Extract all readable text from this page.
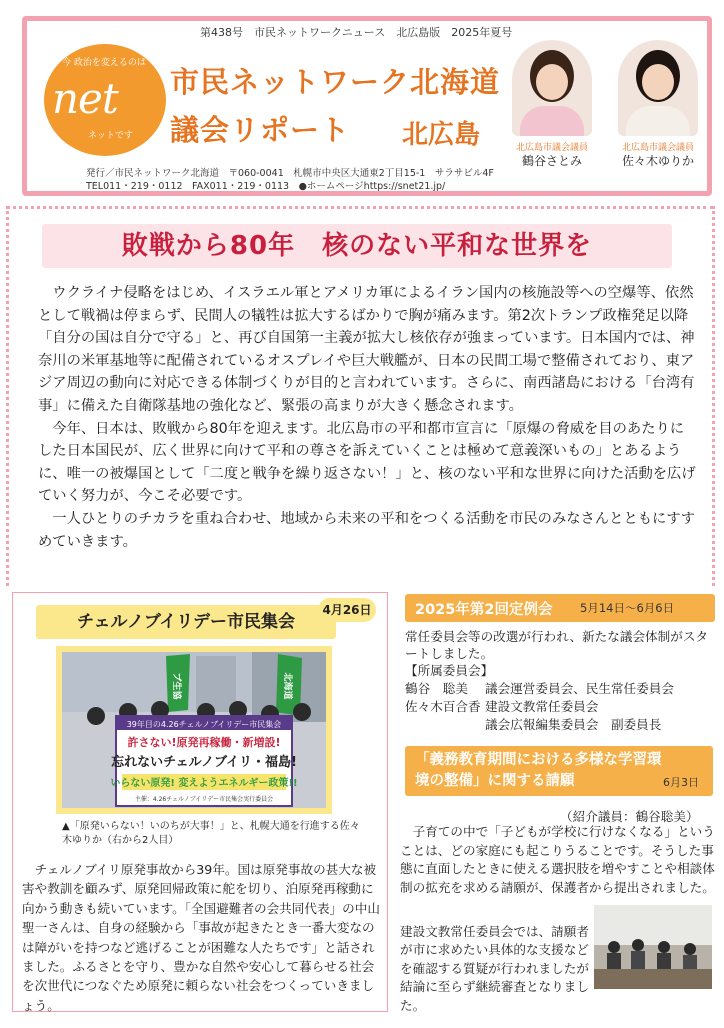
第438号　市民ネットワークニュース　北広島版　2025年夏号
今 政治を変えるのは
net
ネットです
市民ネットワーク北海道
議会リポート 北広島	北広島市議会議員
鶴谷さとみ
北広島市議会議員
佐々木ゆりか
発行／市民ネットワーク北海道　〒060-0041　札幌市中央区大通東2丁目15-1　サラサビル4F
TEL011・219・0112　FAX011・219・0113　●ホームページhttps://snet21.jp/
敗戦から80年　核のない平和な世界を

ウクライナ侵略をはじめ、イスラエル軍とアメリカ軍によるイラン国内の核施設等への空爆等、依然として戦禍は停まらず、民間人の犠牲は拡大するばかりで胸が痛みます。第2次トランプ政権発足以降「自分の国は自分で守る」と、再び自国第一主義が拡大し核依存が強まっています。日本国内では、神奈川の米軍基地等に配備されているオスプレイや巨大戦艦が、日本の民間工場で整備されており、東アジア周辺の動向に対応できる体制づくりが目的と言われています。さらに、南西諸島における「台湾有事」に備えた自衛隊基地の強化など、緊張の高まりが大きく懸念されます。

今年、日本は、敗戦から80年を迎えます。北広島市の平和都市宣言に「原爆の脅威を目のあたりにした日本国民が、広く世界に向けて平和の尊さを訴えていくことは極めて意義深いもの」とあるように、唯一の被爆国として「二度と戦争を繰り返さない！」と、核のない平和な世界に向けた活動を広げていく努力が、今こそ必要です。

一人ひとりのチカラを重ね合わせ、地域から未来の平和をつくる活動を市民のみなさんとともにすすめていきます。

チェルノブイリデー市民集会
4月26日
39年目の4.26チェルノブイリデー市民集会
許さない!原発再稼働・新増設!
忘れないチェルノブイリ・福島!
いらない原発! 変えようエネルギー政策!!
主催：4.26チェルノブイリデー市民集会実行委員会
ブ生協	北海道
▲「原発いらない！いのちが大事！」と、札幌大通を行進する佐々木ゆりか（右から2人目）

チェルノブイリ原発事故から39年。国は原発事故の甚大な被害や教訓を顧みず、原発回帰政策に舵を切り、泊原発再稼動に向かう動きも続いています。「全国避難者の会共同代表」の中山聖一さんは、自身の経験から「事故が起きたとき一番大変なのは障がいを持つなど逃げることが困難な人たちです」と話されました。ふるさとを守り、豊かな自然や安心して暮らせる社会を次世代につなぐため原発に頼らない社会をつくっていきましょう。

2025年第2回定例会 5月14日～6月6日
常任委員会等の改選が行われ、新たな議会体制がスタートしました。
【所属委員会】
鶴谷　聡美 議会運営委員会、民生常任委員会
佐々木百合香 建設文教常任委員会
議会広報編集委員会　副委員長
「義務教育期間における多様な学習環
境の整備」に関する請願	6月3日
（紹介議員：鶴谷聡美）

子育ての中で「子どもが学校に行けなくなる」ということは、どの家庭にも起こりうることです。そうした事態に直面したときに使える選択肢を増やすことや相談体制の拡充を求める請願が、保護者から提出されました。

建設文教常任委員会では、請願者が市に求めたい具体的な支援などを確認する質疑が行われましたが結論に至らず継続審査となりました。
